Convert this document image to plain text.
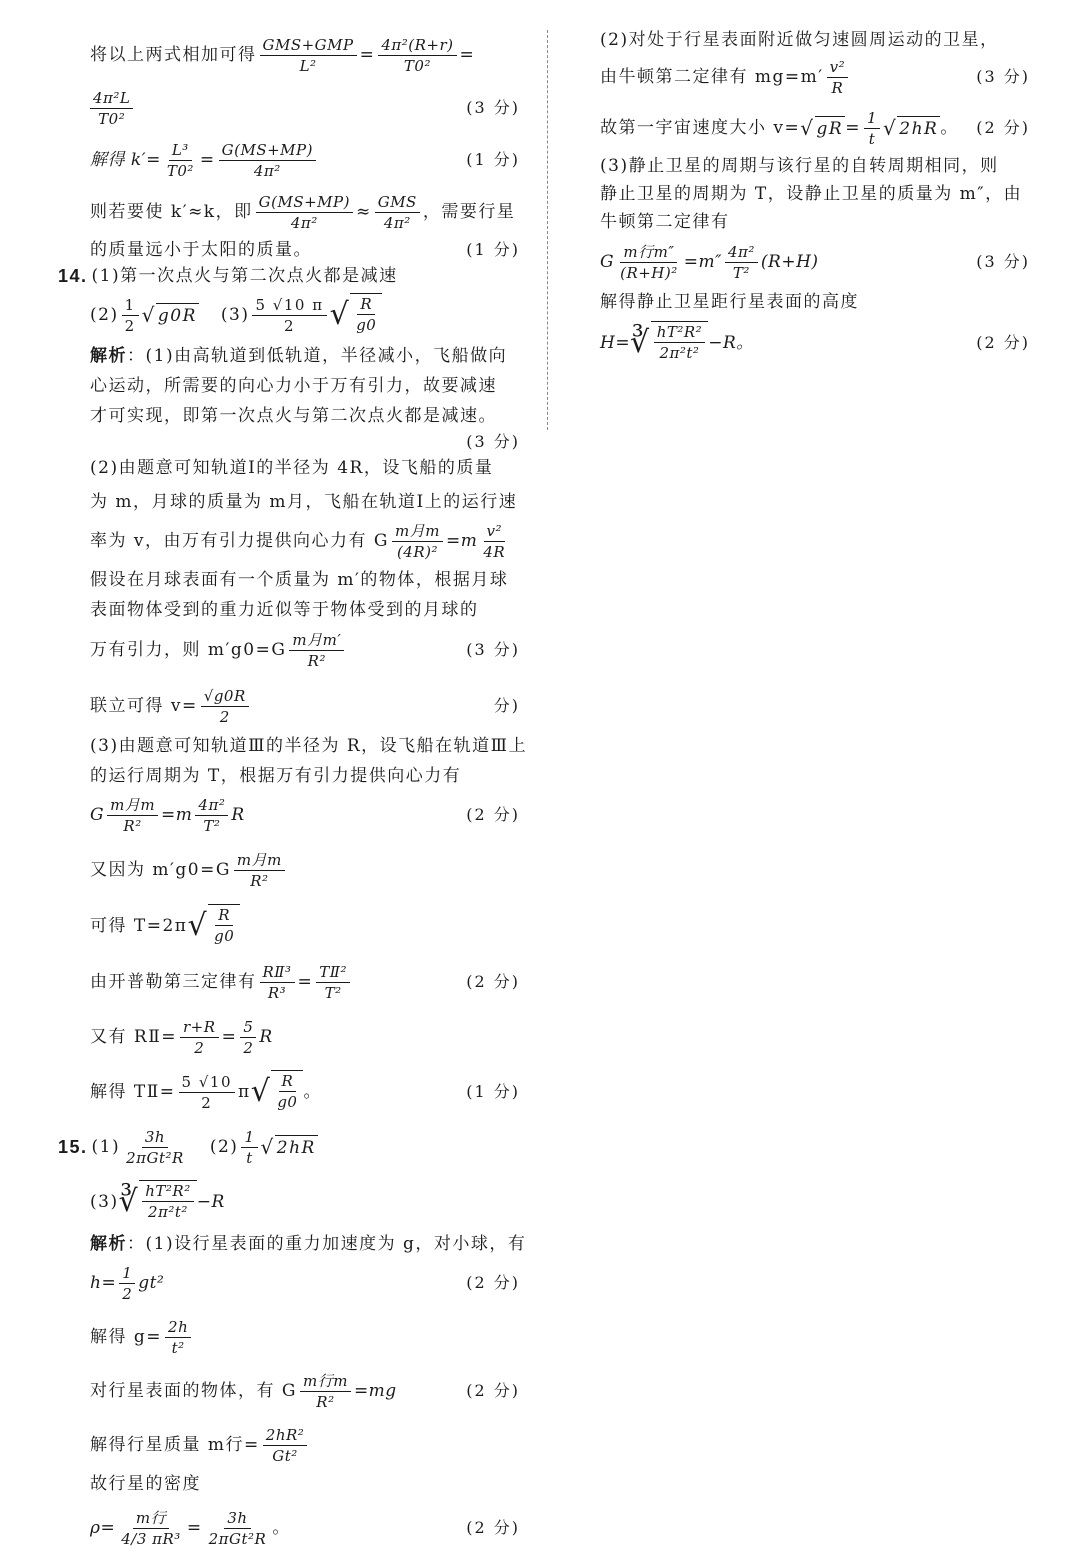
将以上两式相加可得 $\frac{\text{GMS+GMP}}{\text{L²}} = \frac{\text{4π²(R+r)}}{\text{T0²}}$ =
$\frac{\text{4π²L}}{\text{T0²}}$	(3 分)
解得 $k'= \frac{\text{L³}}{\text{T0²}} = \frac{G(MS+MP)}{\text{4π²}}$	(1 分)
则若要使 k′≈k，即 $\frac{G(MS+MP)}{\text{4π²}} \approx \frac{\text{GMS}}{\text{4π²}}$ ，需要行星
的质量远小于太阳的质量。	(1 分)
14. (1)第一次点火与第二次点火都是减速
$(2) \frac{1}{2}$ √ g0R $(3) \frac{5 √10 \pi}{2}$ √ $\frac{R}{g0}$
解析 ：(1)由高轨道到低轨道，半径减小，飞船做向
心运动，所需要的向心力小于万有引力，故要减速
才可实现，即第一次点火与第二次点火都是减速。
(3 分)
(2)由题意可知轨道Ⅰ的半径为 4R，设飞船的质量
为 m，月球的质量为 m月，飞船在轨道Ⅰ上的运行速
率为 v，由万有引力提供向心力有 G $\frac{\text{m月m}}{\text{(4R)²}} =m \frac{\text{v²}}{4R}$
假设在月球表面有一个质量为 m′的物体，根据月球
表面物体受到的重力近似等于物体受到的月球的
万有引力，则 $m'g0=G \frac{\text{m月m′}}{\text{R²}}$	(3 分)
联立可得 $v= \frac{√g0R}{2}$	分)
(3)由题意可知轨道Ⅲ的半径为 R，设飞船在轨道Ⅲ上
的运行周期为 T，根据万有引力提供向心力有
G $\frac{\text{m月m}}{\text{R²}} =m \frac{\text{4π²}}{\text{T²}}$ R	(2 分)
又因为 $m'g0=G \frac{\text{m月m}}{\text{R²}}$
可得 T=2π √ $\frac{R}{g0}$
由开普勒第三定律有 $\frac{\text{RⅡ³}}{\text{R³}} = \frac{\text{TⅡ²}}{\text{T²}}$	(2 分)
又有 RⅡ= $\frac{r+R}{2} = \frac{5}{2}$ R
解得 TⅡ= $\frac{5 √10}{2}$ π √ $\frac{R}{g0}$ 。	(1 分)
15. $(1) \frac{3h}{\text{2πGt²R}} (2) \frac{1}{t}$ √ 2hR
(3) ∛ $\frac{\text{hT²R²}}{\text{2π²t²}} -R$
解析 ：(1)设行星表面的重力加速度为 g，对小球，有
$h= \frac{1}{2} gt^2$	(2 分)
解得 $g= \frac{2h}{\text{t²}}$
对行星表面的物体，有 G $\frac{\text{m行m}}{\text{R²}} =mg$	(2 分)
解得行星质量 m行= $\frac{\text{2hR²}}{\text{Gt²}}$
故行星的密度
$\rho= \frac{\text{m行}}{\text{4/3 πR³}} = \frac{3h}{\text{2πGt²R}}$ 。	(2 分)
(2)对处于行星表面附近做匀速圆周运动的卫星，
由牛顿第二定律有 $mg=m' \frac{\text{v²}}{R}$	(3 分)
故第一宇宙速度大小 v= √ gR = $\frac{1}{t}$ √ 2hR 。 (2 分)
(3)静止卫星的周期与该行星的自转周期相同，则
静止卫星的周期为 T，设静止卫星的质量为 m″，由
牛顿第二定律有
G $\frac{\text{m行m″}}{\text{(R+H)²}} =m'' \frac{\text{4π²}}{\text{T²}} (R+H)$	(3 分)
解得静止卫星距行星表面的高度
H= ∛ $\frac{\text{hT²R²}}{\text{2π²t²}} -R$。	(2 分)
